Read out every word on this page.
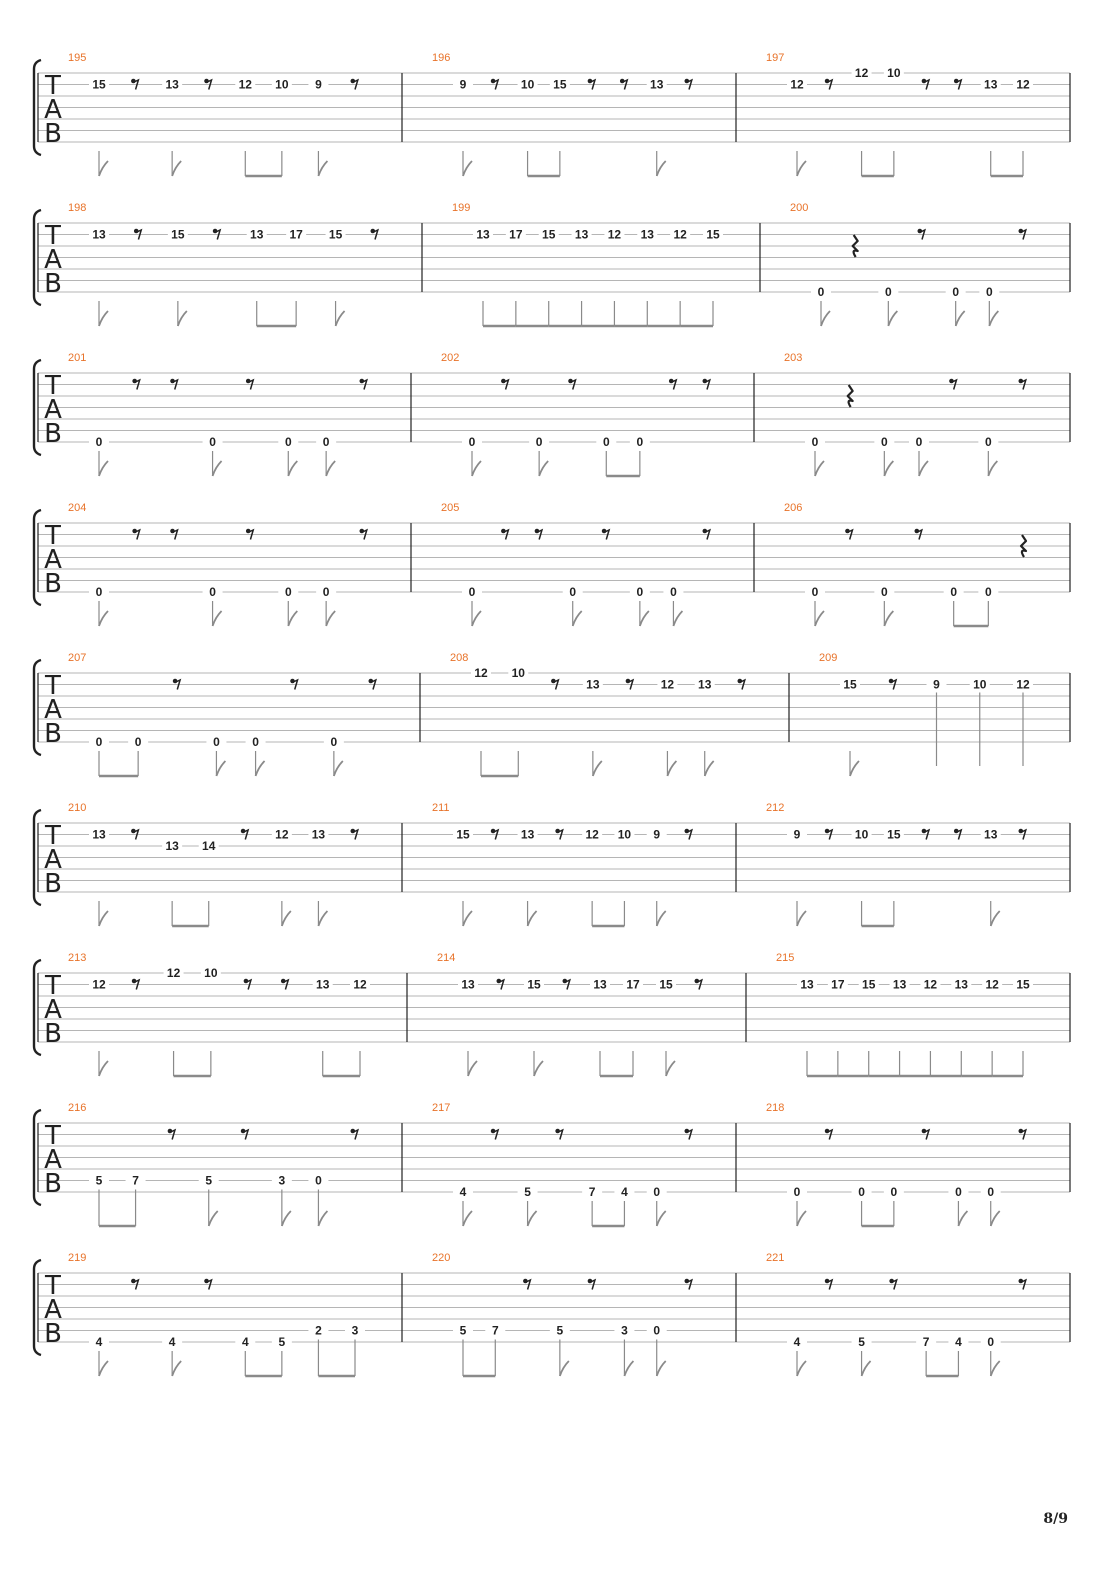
T
A
B
195
15	13	12 10 9
196
9	10 15	13
197
12
12 10
13 12
T
A
B
198
13	15	13 17 15
199
13 17 15 13 12 13 12 15
200
0	0	0 0
T
A
B
201
0	0	0	0
202
0	0	0 0
203
0	0 0	0
T
A
B
204
0	0	0	0
205
0	0	0 0
206
0	0	0 0
T
A
B
207
0	0	0	0	0
208
12 10
13	12 13
209
15	9	10 12
T
A
B
210
13
13 14
12 13
211
15	13	12 10 9
212
9	10 15	13
T
A
B
213
12
12 10
13 12
214
13	15	13 17 15
215
13 17 15 13 12 13 12 15
T
A
B
216
5 7	5	3 0
217
4	5	7 4 0
218
0	0 0	0 0
T
A
B
219
4	4	4 5
2 3
220
5 7	5	3 0
221
4	5	7 4 0
8/9
